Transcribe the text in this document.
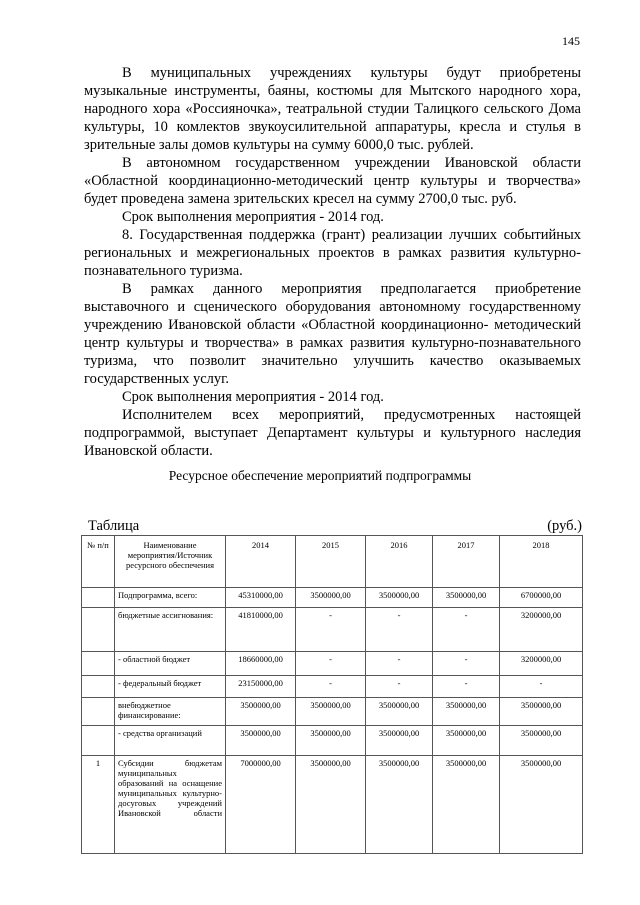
145

В муниципальных учреждениях культуры будут приобретены музыкальные инструменты, баяны, костюмы для Мытского народного хора, народного хора «Россияночка», театральной студии Талицкого сельского Дома культуры, 10 комлектов звукоусилительной аппаратуры, кресла и стулья в зрительные залы домов культуры на сумму 6000,0 тыс. рублей.

В автономном государственном учреждении Ивановской области «Областной координационно-методический центр культуры и творчества» будет проведена замена зрительских кресел на сумму 2700,0 тыс. руб.

Срок выполнения мероприятия - 2014 год.

8. Государственная поддержка (грант) реализации лучших событийных региональных и межрегиональных проектов в рамках развития культурно-познавательного туризма.

В рамках данного мероприятия предполагается приобретение выставочного и сценического оборудования автономному государственному учреждению Ивановской области «Областной координационно- методический центр культуры и творчества» в рамках развития культурно-познавательного туризма, что позволит значительно улучшить качество оказываемых государственных услуг.

Срок выполнения мероприятия - 2014 год.

Исполнителем всех мероприятий, предусмотренных настоящей подпрограммой, выступает Департамент культуры и культурного наследия Ивановской области.

Ресурсное обеспечение мероприятий подпрограммы
Таблица	(руб.)
№ п/п	Наименование мероприятия/Источник ресурсного обеспечения	2014	2015	2016	2017	2018
	Подпрограмма, всего:	45310000,00	3500000,00	3500000,00	3500000,00	6700000,00
	бюджетные ассигнования:	41810000,00	-	-	-	3200000,00
	- областной бюджет	18660000,00	-	-	-	3200000,00
	- федеральный бюджет	23150000,00	-	-	-	-
	внебюджетное финансирование:	3500000,00	3500000,00	3500000,00	3500000,00	3500000,00
	- средства организаций	3500000,00	3500000,00	3500000,00	3500000,00	3500000,00
1	Субсидии бюджетам муниципальных образований на оснащение муниципальных культурно-досуговых учреждений Ивановской области	7000000,00	3500000,00	3500000,00	3500000,00	3500000,00
